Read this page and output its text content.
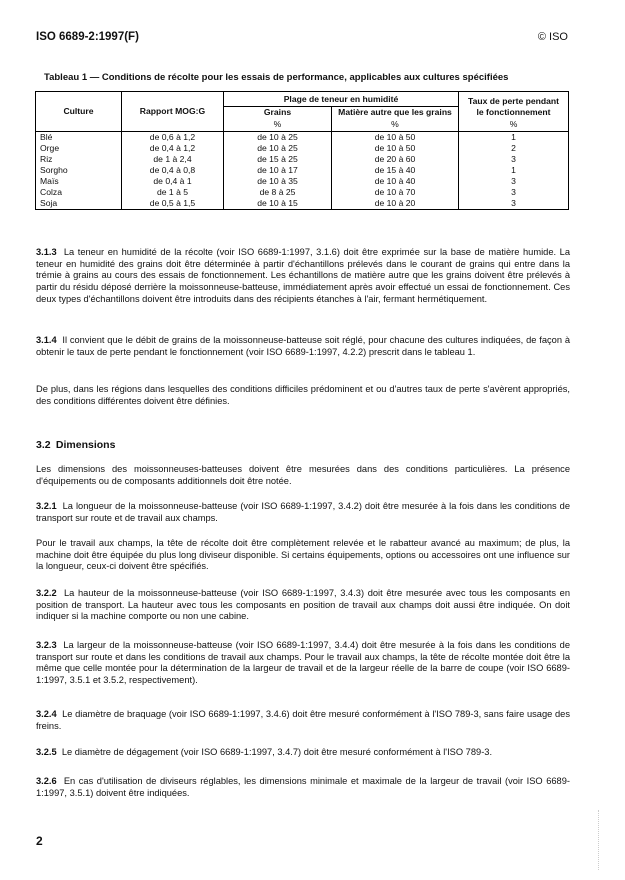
ISO 6689-2:1997(F)	© ISO
Tableau 1 — Conditions de récolte pour les essais de performance, applicables aux cultures spécifiées
Culture	Rapport MOG:G	Plage de teneur en humidité		Taux de perte pendant
		Grains	Matière autre que les grains	le fonctionnement
		%	%	%
Blé	de 0,6 à 1,2	de 10 à 25	de 10 à 50	1
Orge	de 0,4 à 1,2	de 10 à 25	de 10 à 50	2
Riz	de 1 à 2,4	de 15 à 25	de 20 à 60	3
Sorgho	de 0,4 à 0,8	de 10 à 17	de 15 à 40	1
Maïs	de 0,4 à 1	de 10 à 35	de 10 à 40	3
Colza	de 1 à 5	de 8 à 25	de 10 à 70	3
Soja	de 0,5 à 1,5	de 10 à 15	de 10 à 20	3
3.1.3 La teneur en humidité de la récolte (voir ISO 6689-1:1997, 3.1.6) doit être exprimée sur la base de matière humide. La teneur en humidité des grains doit être déterminée à partir d'échantillons prélevés dans le courant de grains qui entre dans la trémie à grains au cours des essais de fonctionnement. Les échantillons de matière autre que les grains doivent être prélevés à partir du résidu déposé derrière la moissonneuse-batteuse, immédiatement après avoir effectué un essai de fonctionnement. Ces deux types d'échantillons doivent être introduits dans des récipients étanches à l'air, fermant hermétiquement.
3.1.4 Il convient que le débit de grains de la moissonneuse-batteuse soit réglé, pour chacune des cultures indiquées, de façon à obtenir le taux de perte pendant le fonctionnement (voir ISO 6689-1:1997, 4.2.2) prescrit dans le tableau 1.
De plus, dans les régions dans lesquelles des conditions difficiles prédominent et ou d'autres taux de perte s'avèrent appropriés, des conditions différentes doivent être définies.
3.2 Dimensions
Les dimensions des moissonneuses-batteuses doivent être mesurées dans des conditions particulières. La présence d'équipements ou de composants additionnels doit être notée.
3.2.1 La longueur de la moissonneuse-batteuse (voir ISO 6689-1:1997, 3.4.2) doit être mesurée à la fois dans les conditions de transport sur route et de travail aux champs.
Pour le travail aux champs, la tête de récolte doit être complètement relevée et le rabatteur avancé au maximum; de plus, la machine doit être équipée du plus long diviseur disponible. Si certains équipements, options ou accessoires ont une influence sur la longueur, ceux-ci doivent être spécifiés.
3.2.2 La hauteur de la moissonneuse-batteuse (voir ISO 6689-1:1997, 3.4.3) doit être mesurée avec tous les composants en position de transport. La hauteur avec tous les composants en position de travail aux champs doit aussi être indiquée. On doit indiquer si la machine comporte ou non une cabine.
3.2.3 La largeur de la moissonneuse-batteuse (voir ISO 6689-1:1997, 3.4.4) doit être mesurée à la fois dans les conditions de transport sur route et dans les conditions de travail aux champs. Pour le travail aux champs, la tête de récolte montée doit être la même que celle montée pour la détermination de la largeur de travail et de la largeur réelle de la barre de coupe (voir ISO 6689-1:1997, 3.5.1 et 3.5.2, respectivement).
3.2.4 Le diamètre de braquage (voir ISO 6689-1:1997, 3.4.6) doit être mesuré conformément à l'ISO 789-3, sans faire usage des freins.
3.2.5 Le diamètre de dégagement (voir ISO 6689-1:1997, 3.4.7) doit être mesuré conformément à l'ISO 789-3.
3.2.6 En cas d'utilisation de diviseurs réglables, les dimensions minimale et maximale de la largeur de travail (voir ISO 6689-1:1997, 3.5.1) doivent être indiquées.
2
